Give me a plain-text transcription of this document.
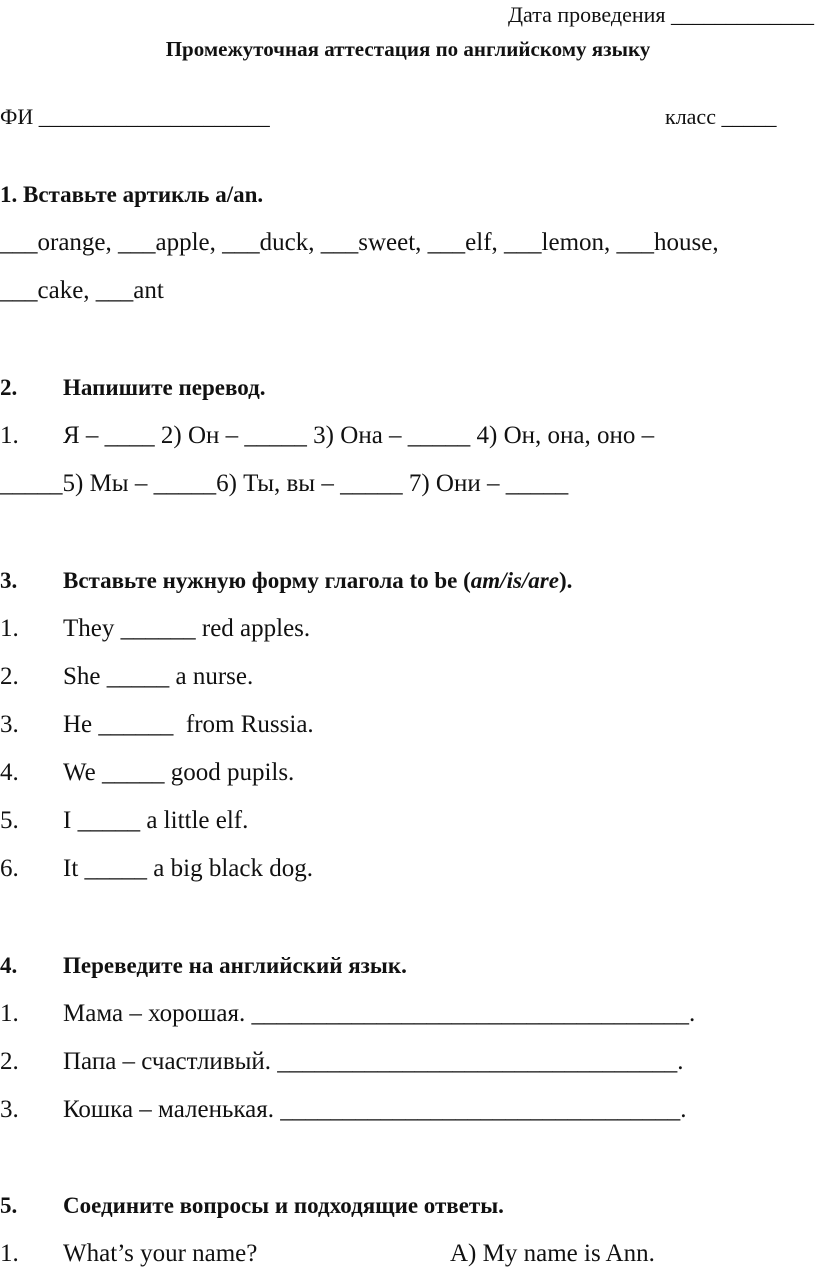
Дата проведения _____________
Промежуточная аттестация по английскому языку
ФИ _____________________	класс _____
1. Вставьте артикль a/an.
___orange, ___apple, ___duck, ___sweet, ___elf, ___lemon, ___house,
___cake, ___ant
2. Напишите перевод.
1. Я – ____ 2) Он – _____ 3) Она – _____ 4) Он, она, оно –
_____5) Мы – _____6) Ты, вы – _____ 7) Они – _____
3. Вставьте нужную форму глагола to be (am/is/are).
1. They ______ red apples.
2. She _____ a nurse.
3. He ______  from Russia.
4. We _____ good pupils.
5. I _____ a little elf.
6. It _____ a big black dog.
4. Переведите на английский язык.
1. Мама – хорошая. ___________________________________.
2. Папа – счастливый. ________________________________.
3. Кошка – маленькая. ________________________________.
5. Соедините вопросы и подходящие ответы.
1. What’s your name?	A) My name is Ann.
